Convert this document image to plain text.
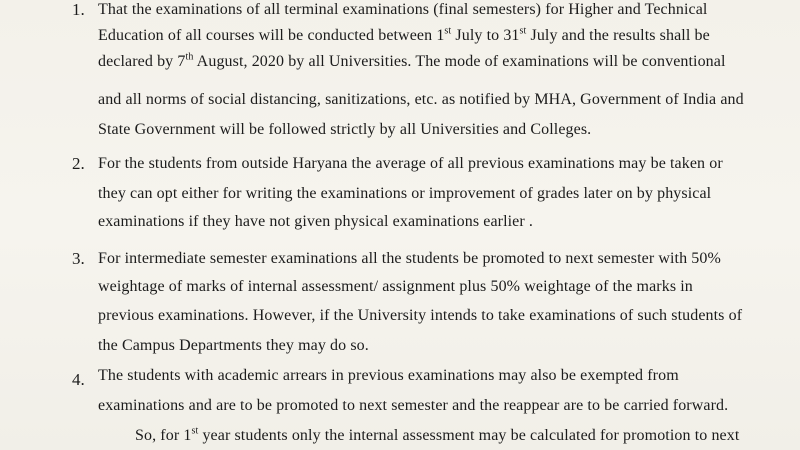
1. That the examinations of all terminal examinations (final semesters) for Higher and Technical
Education of all courses will be conducted between 1st July to 31st July and the results shall be
declared by 7th August, 2020 by all Universities. The mode of examinations will be conventional
and all norms of social distancing, sanitizations, etc. as notified by MHA, Government of India and
State Government will be followed strictly by all Universities and Colleges.
2. For the students from outside Haryana the average of all previous examinations may be taken or
they can opt either for writing the examinations or improvement of grades later on by physical
examinations if they have not given physical examinations earlier .
3. For intermediate semester examinations all the students be promoted to next semester with 50%
weightage of marks of internal assessment/ assignment plus 50% weightage of the marks in
previous examinations. However, if the University intends to take examinations of such students of
the Campus Departments they may do so.
4. The students with academic arrears in previous examinations may also be exempted from
examinations and are to be promoted to next semester and the reappear are to be carried forward.
So, for 1st year students only the internal assessment may be calculated for promotion to next
